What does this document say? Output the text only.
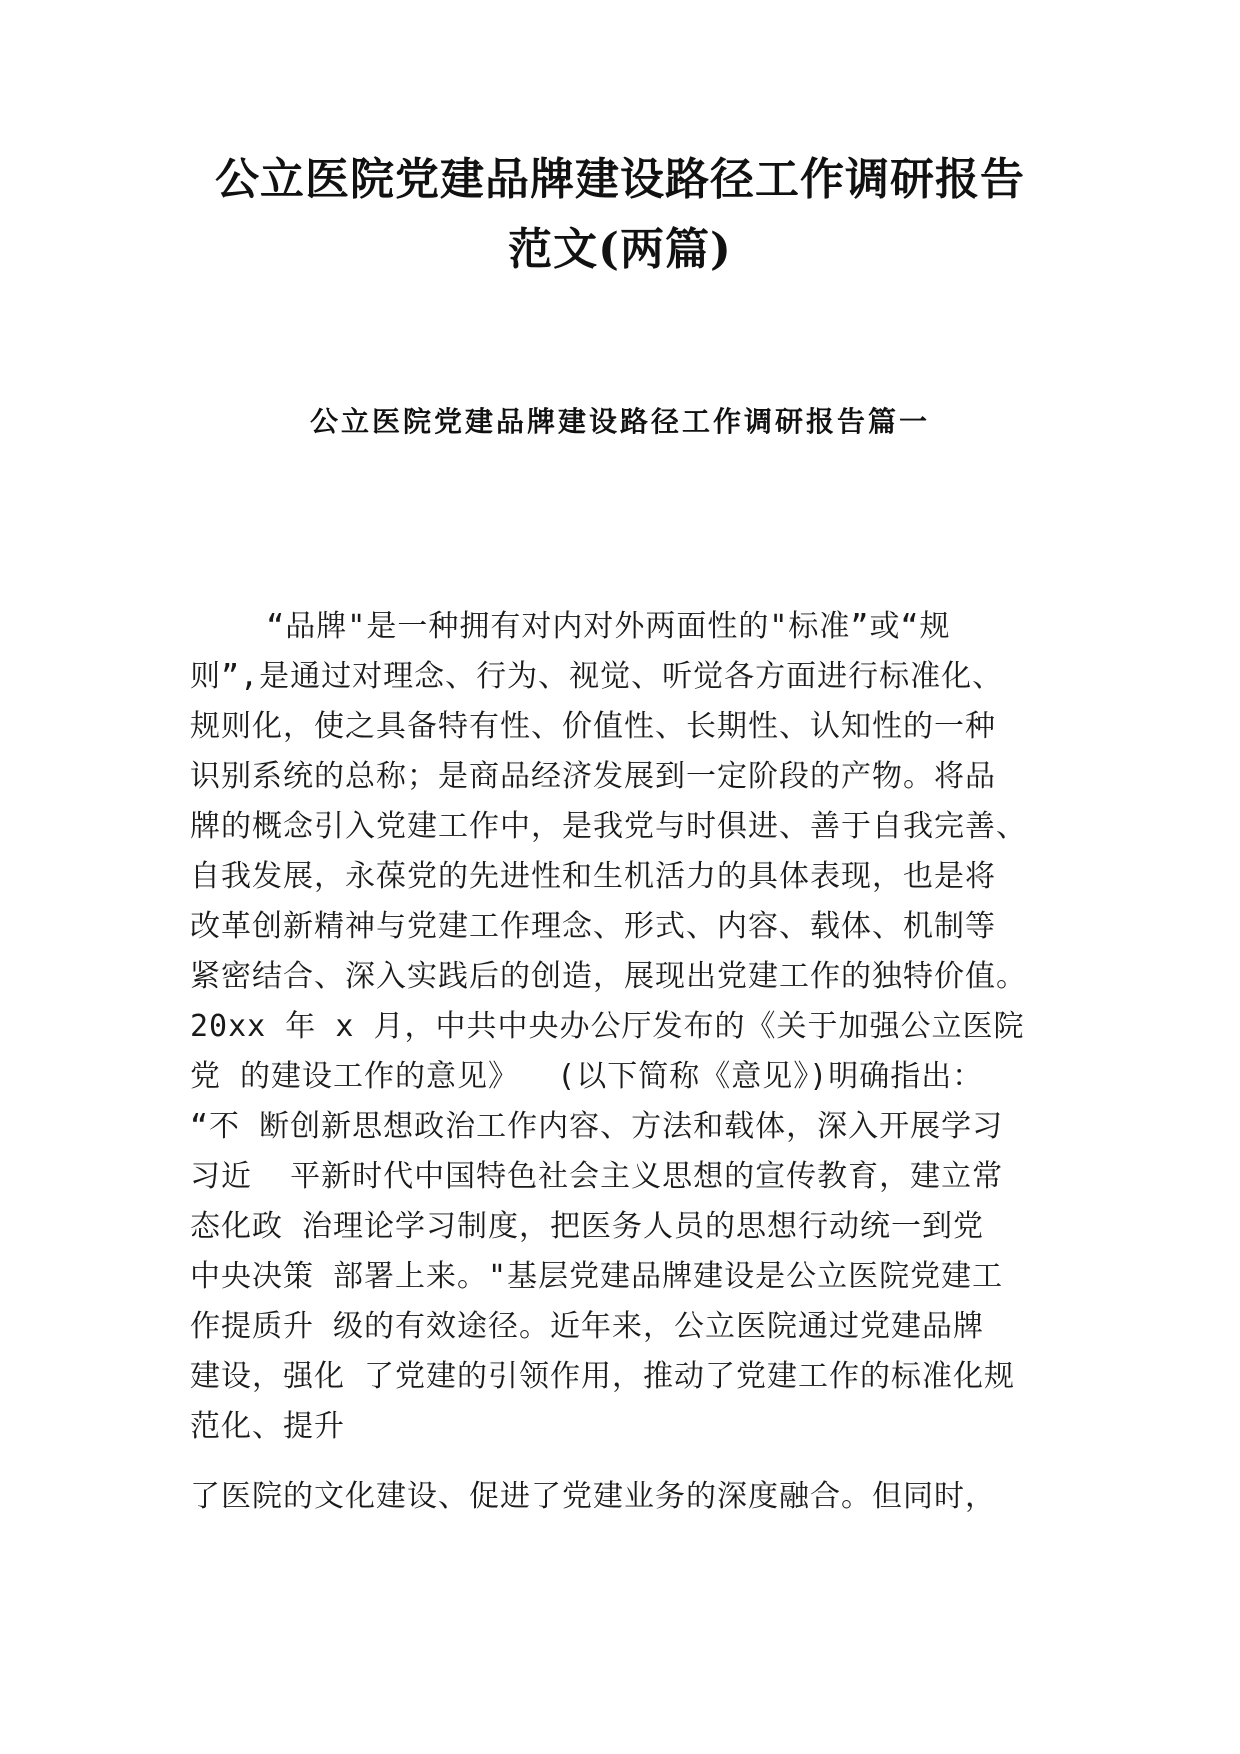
公立医院党建品牌建设路径工作调研报告
范文(两篇)
公立医院党建品牌建设路径工作调研报告篇一
“品牌"是一种拥有对内对外两面性的"标准”或“规
则”,是通过对理念、行为、视觉、听觉各方面进行标准化、
规则化，使之具备特有性、价值性、长期性、认知性的一种
识别系统的总称；是商品经济发展到一定阶段的产物。将品
牌的概念引入党建工作中，是我党与时俱进、善于自我完善、
自我发展，永葆党的先进性和生机活力的具体表现，也是将
改革创新精神与党建工作理念、形式、内容、载体、机制等
紧密结合、深入实践后的创造，展现出党建工作的独特价值。
20xx 年 x 月，中共中央办公厅发布的《关于加强公立医院
党 的建设工作的意见》  (以下简称《意见》)明确指出：
“不 断创新思想政治工作内容、方法和载体，深入开展学习
习近  平新时代中国特色社会主义思想的宣传教育，建立常
态化政 治理论学习制度，把医务人员的思想行动统一到党
中央决策 部署上来。"基层党建品牌建设是公立医院党建工
作提质升 级的有效途径。近年来，公立医院通过党建品牌
建设，强化 了党建的引领作用，推动了党建工作的标准化规
范化、提升
了医院的文化建设、促进了党建业务的深度融合。但同时，
